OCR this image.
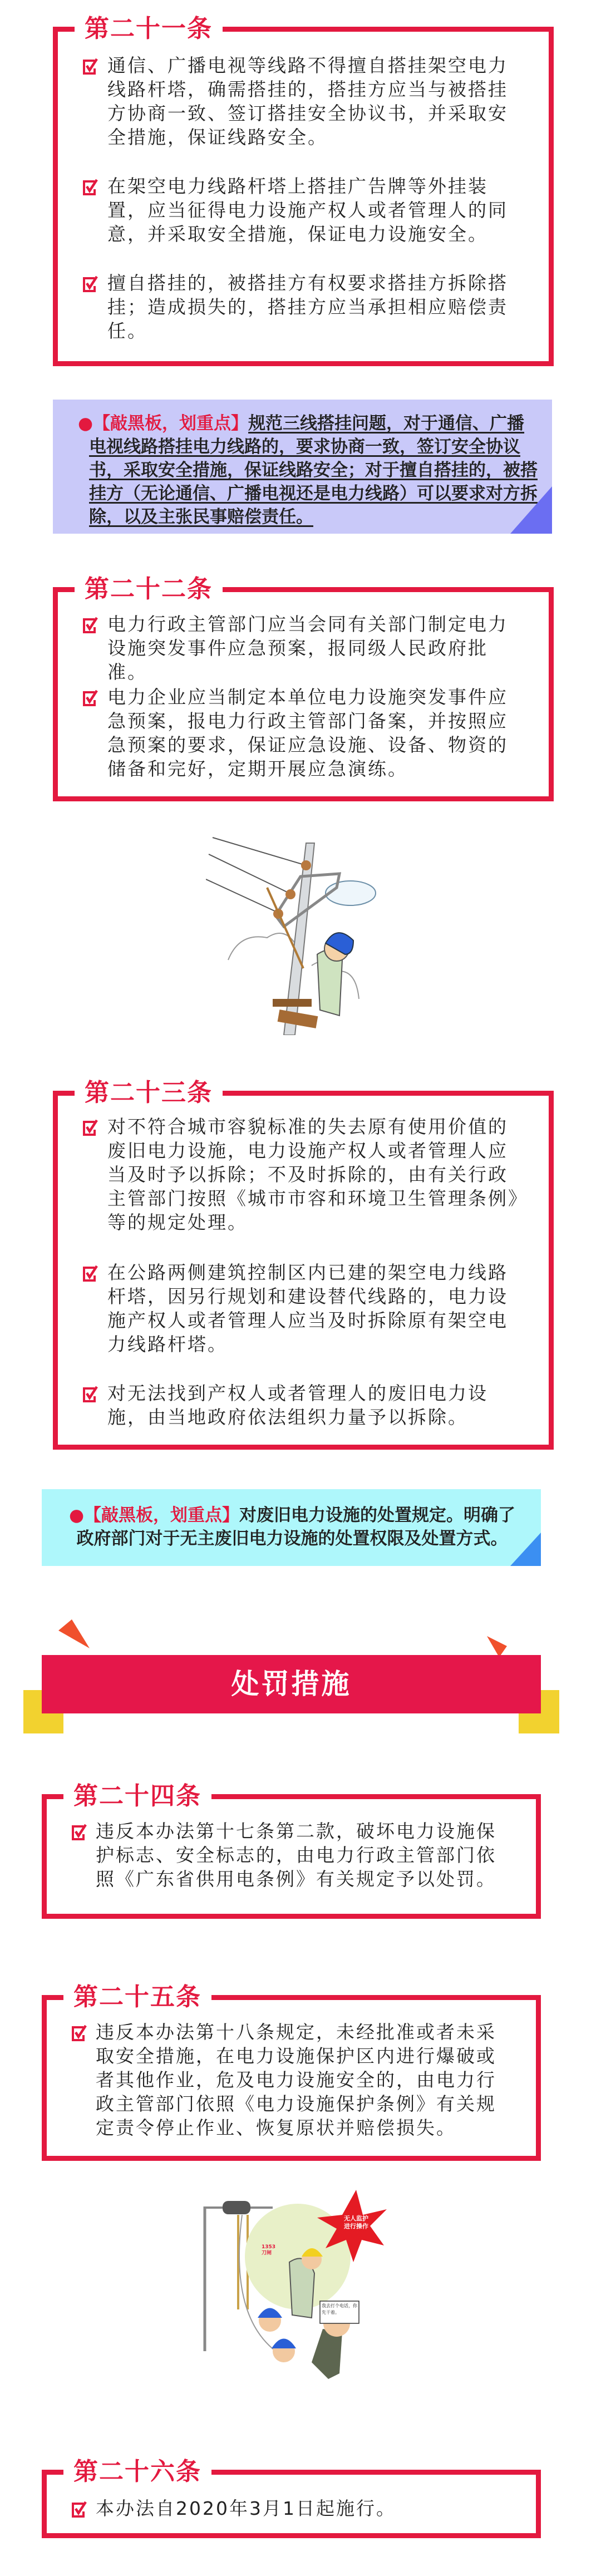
第二十一条
通信、广播电视等线路不得擅自搭挂架空电力线路杆塔，确需搭挂的，搭挂方应当与被搭挂方协商一致、签订搭挂安全协议书，并采取安全措施，保证线路安全。
在架空电力线路杆塔上搭挂广告牌等外挂装置，应当征得电力设施产权人或者管理人的同意，并采取安全措施，保证电力设施安全。
擅自搭挂的，被搭挂方有权要求搭挂方拆除搭挂；造成损失的，搭挂方应当承担相应赔偿责任。
●【敲黑板，划重点】规范三线搭挂问题，对于通信、广播电视线路搭挂电力线路的，要求协商一致，签订安全协议书，采取安全措施，保证线路安全；对于擅自搭挂的，被搭挂方（无论通信、广播电视还是电力线路）可以要求对方拆除，以及主张民事赔偿责任。
第二十二条
电力行政主管部门应当会同有关部门制定电力设施突发事件应急预案，报同级人民政府批准。
电力企业应当制定本单位电力设施突发事件应急预案，报电力行政主管部门备案，并按照应急预案的要求，保证应急设施、设备、物资的储备和完好，定期开展应急演练。
第二十三条
对不符合城市容貌标准的失去原有使用价值的废旧电力设施，电力设施产权人或者管理人应当及时予以拆除；不及时拆除的，由有关行政主管部门按照《城市市容和环境卫生管理条例》等的规定处理。
在公路两侧建筑控制区内已建的架空电力线路杆塔，因另行规划和建设替代线路的，电力设施产权人或者管理人应当及时拆除原有架空电力线路杆塔。
对无法找到产权人或者管理人的废旧电力设施，由当地政府依法组织力量予以拆除。
●【敲黑板，划重点】对废旧电力设施的处置规定。明确了政府部门对于无主废旧电力设施的处置权限及处置方式。
处罚措施
第二十四条
违反本办法第十七条第二款，破坏电力设施保护标志、安全标志的，由电力行政主管部门依照《广东省供用电条例》有关规定予以处罚。
第二十五条
违反本办法第十八条规定，未经批准或者未采取安全措施，在电力设施保护区内进行爆破或者其他作业，危及电力设施安全的，由电力行政主管部门依照《电力设施保护条例》有关规定责令停止作业、恢复原状并赔偿损失。
无人监护进行操作
1353刀闸
我去打个电话，你先干着。
第二十六条
本办法自2020年3月1日起施行。
